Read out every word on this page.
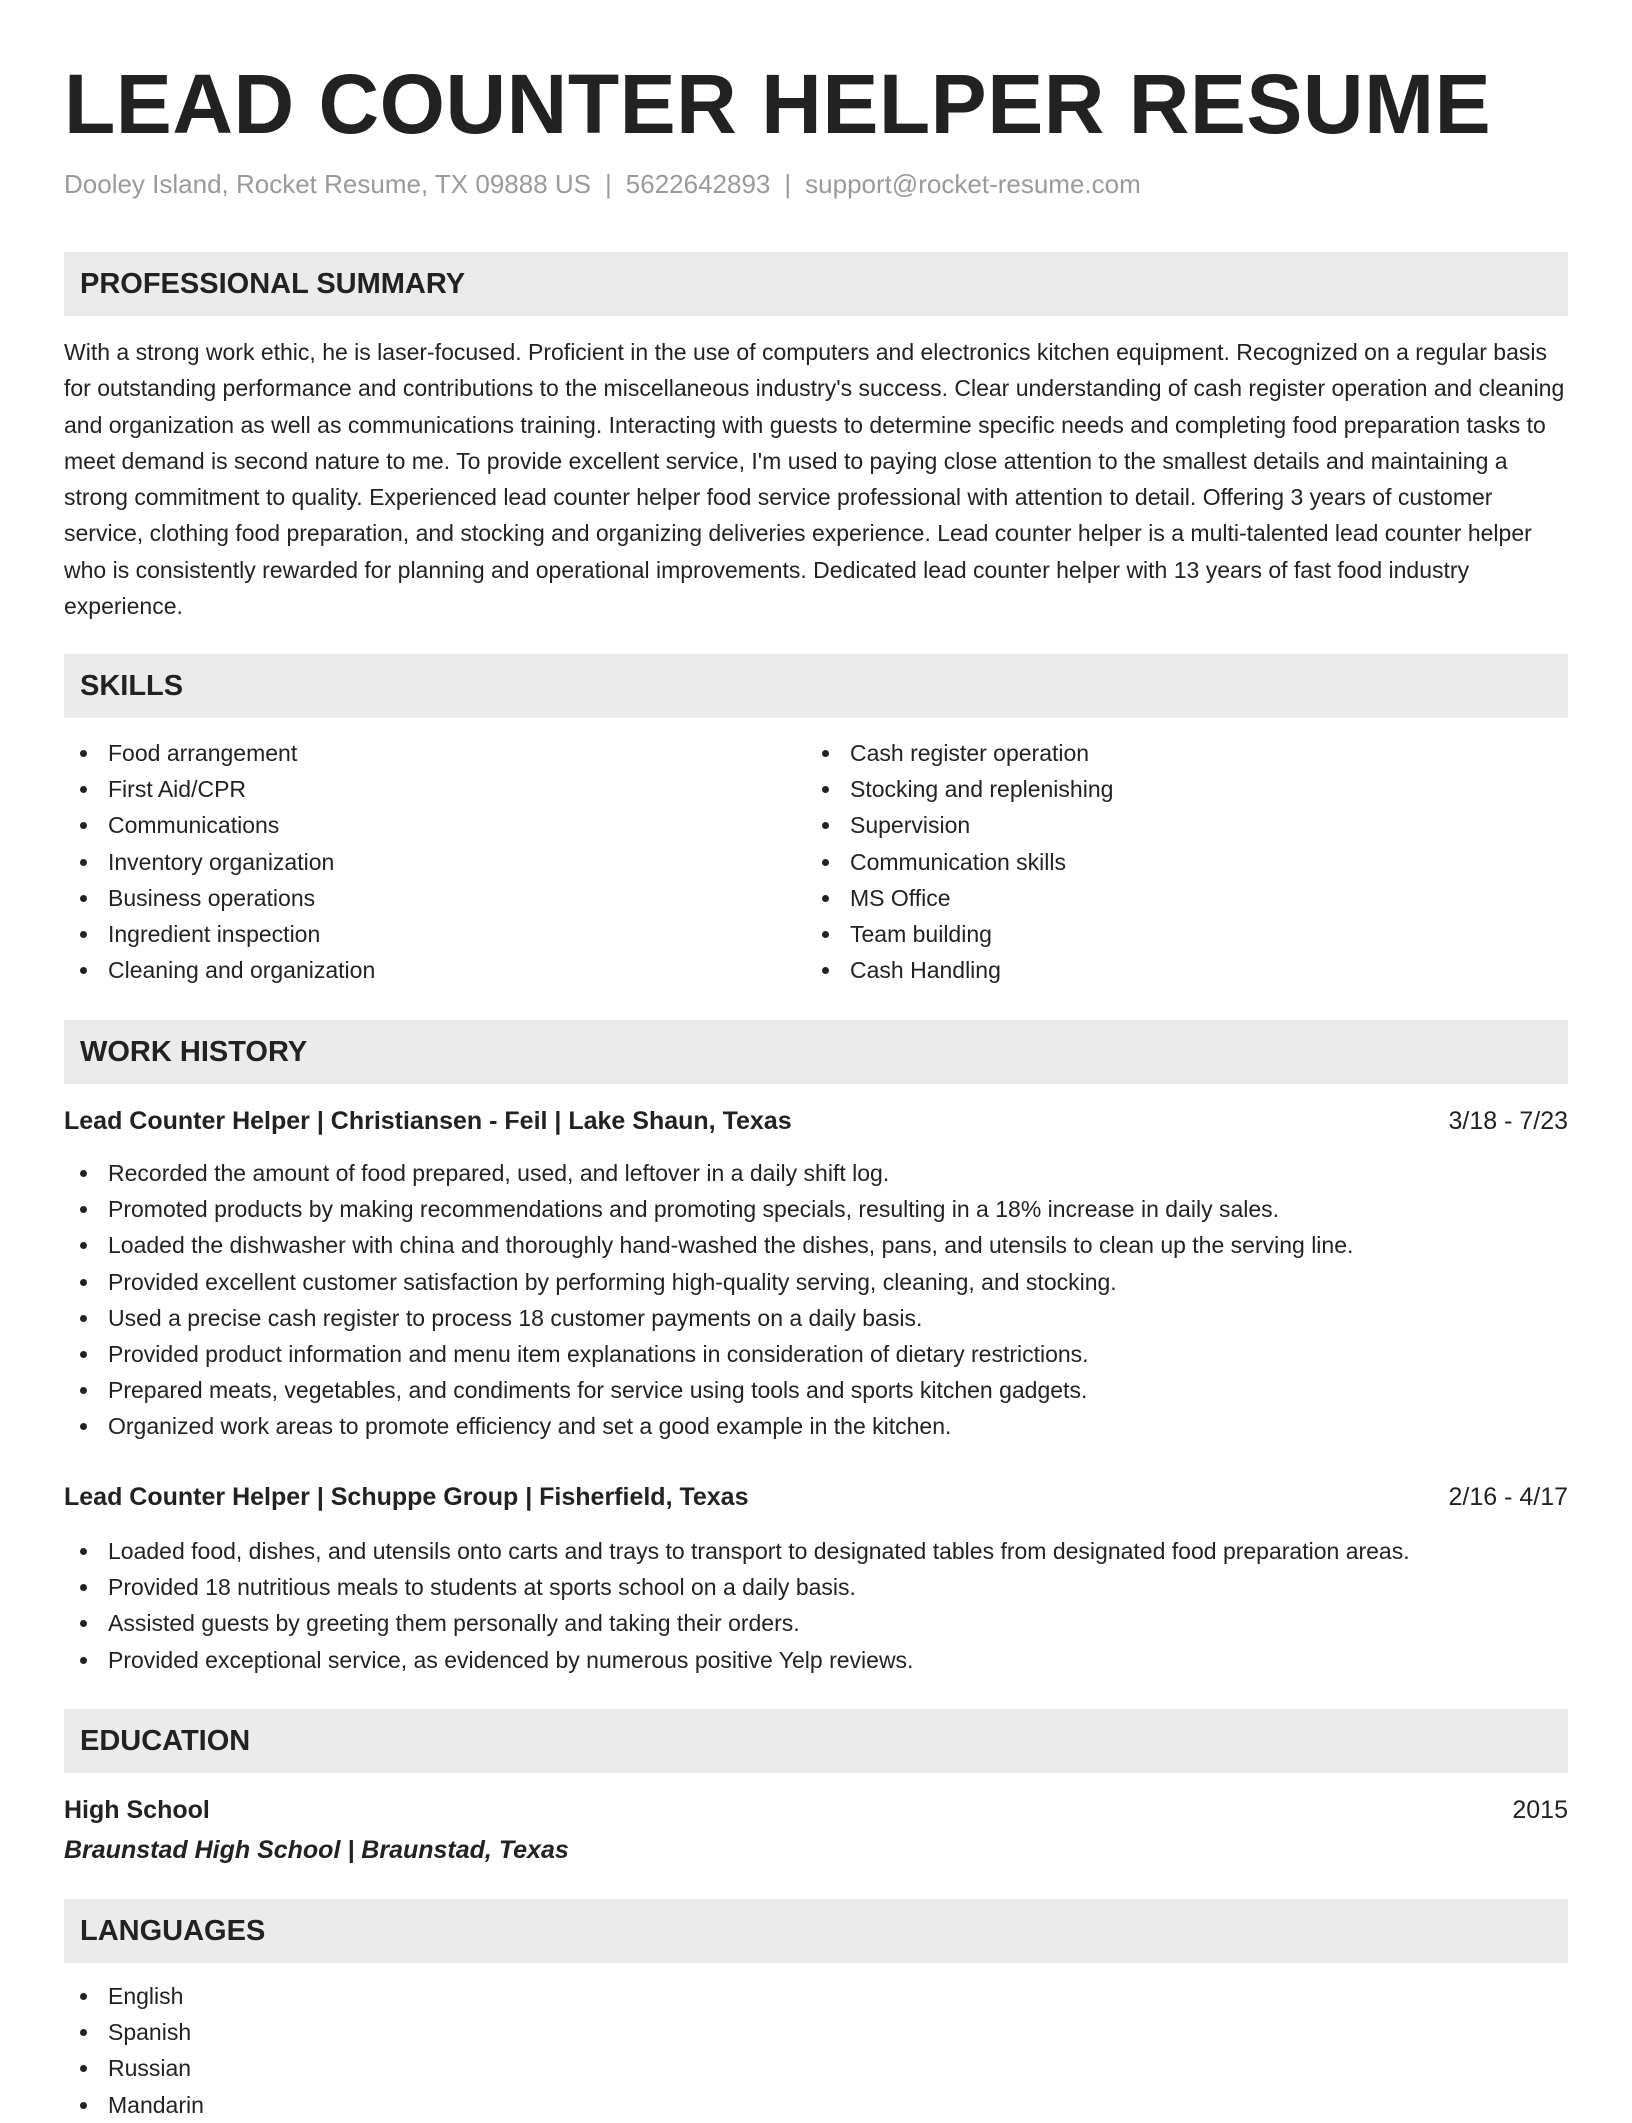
LEAD COUNTER HELPER RESUME
Dooley Island, Rocket Resume, TX 09888 US | 5622642893 | support@rocket-resume.com
PROFESSIONAL SUMMARY

With a strong work ethic, he is laser-focused. Proficient in the use of computers and electronics kitchen equipment. Recognized on a regular basis for outstanding performance and contributions to the miscellaneous industry's success. Clear understanding of cash register operation and cleaning and organization as well as communications training. Interacting with guests to determine specific needs and completing food preparation tasks to meet demand is second nature to me. To provide excellent service, I'm used to paying close attention to the smallest details and maintaining a strong commitment to quality. Experienced lead counter helper food service professional with attention to detail. Offering 3 years of customer service, clothing food preparation, and stocking and organizing deliveries experience. Lead counter helper is a multi-talented lead counter helper who is consistently rewarded for planning and operational improvements. Dedicated lead counter helper with 13 years of fast food industry experience.

SKILLS
Food arrangement
First Aid/CPR
Communications
Inventory organization
Business operations
Ingredient inspection
Cleaning and organization
Cash register operation
Stocking and replenishing
Supervision
Communication skills
MS Office
Team building
Cash Handling
WORK HISTORY
Lead Counter Helper | Christiansen - Feil | Lake Shaun, Texas	3/18 - 7/23
Recorded the amount of food prepared, used, and leftover in a daily shift log.
Promoted products by making recommendations and promoting specials, resulting in a 18% increase in daily sales.
Loaded the dishwasher with china and thoroughly hand-washed the dishes, pans, and utensils to clean up the serving line.
Provided excellent customer satisfaction by performing high-quality serving, cleaning, and stocking.
Used a precise cash register to process 18 customer payments on a daily basis.
Provided product information and menu item explanations in consideration of dietary restrictions.
Prepared meats, vegetables, and condiments for service using tools and sports kitchen gadgets.
Organized work areas to promote efficiency and set a good example in the kitchen.
Lead Counter Helper | Schuppe Group | Fisherfield, Texas	2/16 - 4/17
Loaded food, dishes, and utensils onto carts and trays to transport to designated tables from designated food preparation areas.
Provided 18 nutritious meals to students at sports school on a daily basis.
Assisted guests by greeting them personally and taking their orders.
Provided exceptional service, as evidenced by numerous positive Yelp reviews.
EDUCATION
High School	2015
Braunstad High School | Braunstad, Texas
LANGUAGES
English
Spanish
Russian
Mandarin
